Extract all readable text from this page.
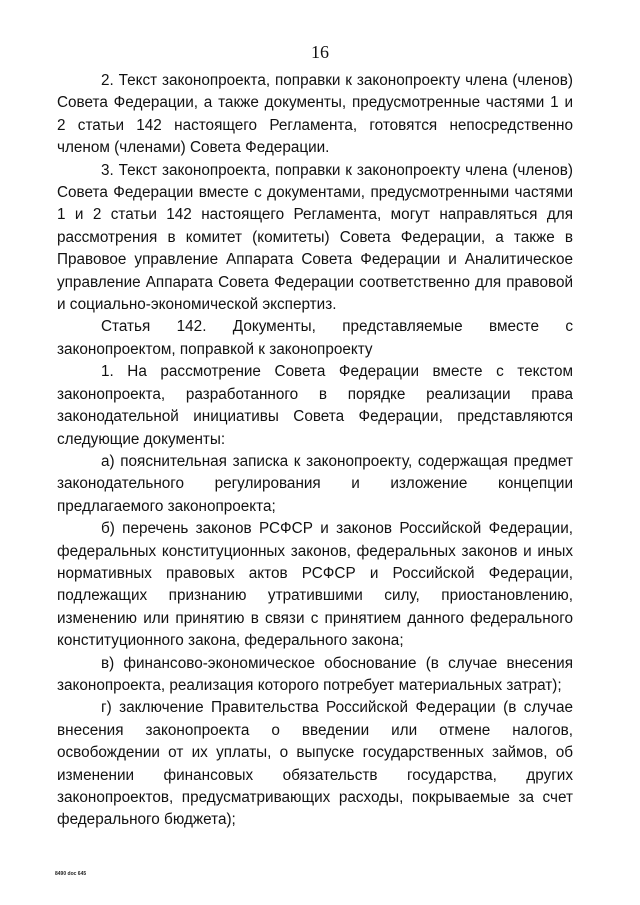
16

2. Текст законопроекта, поправки к законопроекту члена (членов) Совета Федерации, а также документы, предусмотренные частями 1 и 2 статьи 142 настоящего Регламента, готовятся непосредственно членом (членами) Совета Федерации.

3. Текст законопроекта, поправки к законопроекту члена (членов) Совета Федерации вместе с документами, предусмотренными частями 1 и 2 статьи 142 настоящего Регламента, могут направляться для рассмотрения в комитет (комитеты) Совета Федерации, а также в Правовое управление Аппарата Совета Федерации и Аналитическое управление Аппарата Совета Федерации соответственно для правовой и социально-экономической экспертиз.

Статья 142. Документы, представляемые вместе с законопроектом, поправкой к законопроекту

1. На рассмотрение Совета Федерации вместе с текстом законопроекта, разработанного в порядке реализации права законодательной инициативы Совета Федерации, представляются следующие документы:

а) пояснительная записка к законопроекту, содержащая предмет законодательного регулирования и изложение концепции предлагаемого законопроекта;

б) перечень законов РСФСР и законов Российской Федерации, федеральных конституционных законов, федеральных законов и иных нормативных правовых актов РСФСР и Российской Федерации, подлежащих признанию утратившими силу, приостановлению, изменению или принятию в связи с принятием данного федерального конституционного закона, федерального закона;

в) финансово-экономическое обоснование (в случае внесения законопроекта, реализация которого потребует материальных затрат);

г) заключение Правительства Российской Федерации (в случае внесения законопроекта о введении или отмене налогов, освобождении от их уплаты, о выпуске государственных займов, об изменении финансовых обязательств государства, других законопроектов, предусматривающих расходы, покрываемые за счет федерального бюджета);

8490 doc 645
